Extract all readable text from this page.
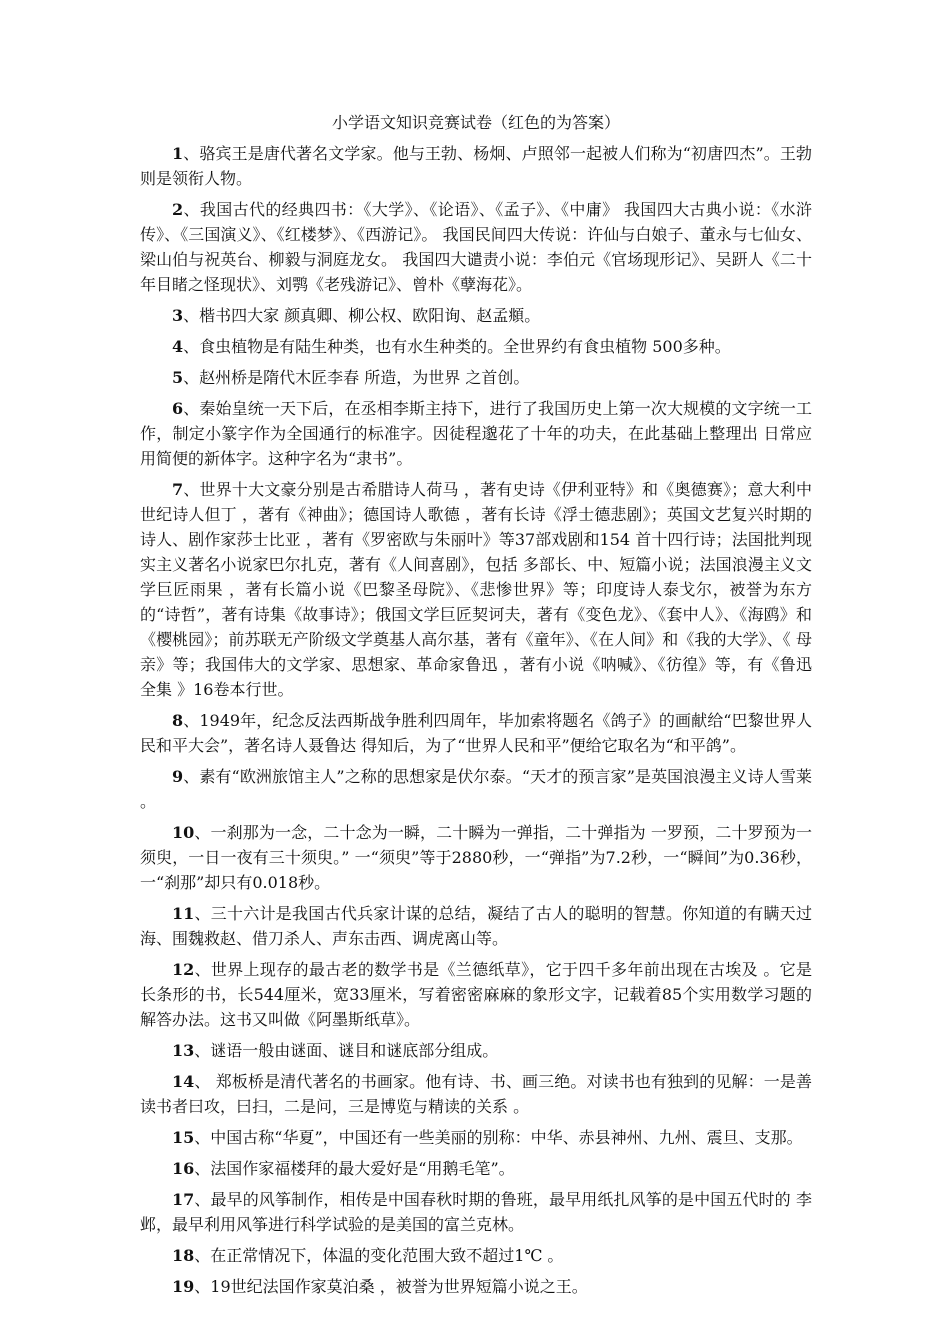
小学语文知识竞赛试卷（红色的为答案）

1、骆宾王是唐代著名文学家。他与王勃、杨炯、卢照邻一起被人们称为“初唐四杰”。王勃则是领衔人物。

2、我国古代的经典四书：《大学》、《论语》、《孟子》、《中庸》 我国四大古典小说：《水浒传》、《三国演义》、《红楼梦》、《西游记》。 我国民间四大传说：许仙与白娘子、董永与七仙女、梁山伯与祝英台、柳毅与洞庭龙女。 我国四大谴责小说：李伯元《官场现形记》、吴趼人《二十年目睹之怪现状》、刘鹗《老残游记》、曾朴《孽海花》。

3、楷书四大家 颜真卿、柳公权、欧阳询、赵孟頫。

4、食虫植物是有陆生种类，也有水生种类的。全世界约有食虫植物 500多种。

5、赵州桥是隋代木匠李春 所造，为世界 之首创。

6、秦始皇统一天下后，在丞相李斯主持下，进行了我国历史上第一次大规模的文字统一工作，制定小篆字作为全国通行的标准字。因徒程邈花了十年的功夫，在此基础上整理出 日常应用简便的新体字。这种字名为“隶书”。

7、世界十大文豪分别是古希腊诗人荷马 ，著有史诗《伊利亚特》和《奥德赛》；意大利中世纪诗人但丁 ，著有《神曲》；德国诗人歌德 ，著有长诗《浮士德悲剧》；英国文艺复兴时期的诗人、剧作家莎士比亚 ，著有《罗密欧与朱丽叶》等37部戏剧和154 首十四行诗；法国批判现实主义著名小说家巴尔扎克，著有《人间喜剧》，包括 多部长、中、短篇小说；法国浪漫主义文学巨匠雨果 ，著有长篇小说《巴黎圣母院》、《悲惨世界》等；印度诗人泰戈尔，被誉为东方的“诗哲”，著有诗集《故事诗》；俄国文学巨匠契诃夫，著有《变色龙》、《套中人》、《海鸥》和《樱桃园》；前苏联无产阶级文学奠基人高尔基，著有《童年》、《在人间》和《我的大学》、《 母亲》等；我国伟大的文学家、思想家、革命家鲁迅 ，著有小说《呐喊》、《彷徨》等，有《鲁迅全集 》16卷本行世。

8、1949年，纪念反法西斯战争胜利四周年，毕加索将题名《鸽子》的画献给“巴黎世界人民和平大会”，著名诗人聂鲁达 得知后，为了“世界人民和平”便给它取名为“和平鸽”。

9、素有“欧洲旅馆主人”之称的思想家是伏尔泰。“天才的预言家”是英国浪漫主义诗人雪莱 。

10、一刹那为一念，二十念为一瞬，二十瞬为一弹指，二十弹指为 一罗预，二十罗预为一须臾，一日一夜有三十须臾。” 一“须臾”等于2880秒，一“弹指”为7.2秒，一“瞬间”为0.36秒，一“刹那”却只有0.018秒。

11、三十六计是我国古代兵家计谋的总结，凝结了古人的聪明的智慧。你知道的有瞒天过海、围魏救赵、借刀杀人、声东击西、调虎离山等。

12、世界上现存的最古老的数学书是《兰德纸草》，它于四千多年前出现在古埃及 。它是长条形的书，长544厘米，宽33厘米，写着密密麻麻的象形文字，记载着85个实用数学习题的解答办法。这书又叫做《阿墨斯纸草》。

13、谜语一般由谜面、谜目和谜底部分组成。

14、 郑板桥是清代著名的书画家。他有诗、书、画三绝。对读书也有独到的见解：一是善读书者曰攻，曰扫，二是问，三是博览与精读的关系 。

15、中国古称“华夏”，中国还有一些美丽的别称：中华、赤县神州、九州、震旦、支那。

16、法国作家福楼拜的最大爱好是“用鹅毛笔”。

17、最早的风筝制作，相传是中国春秋时期的鲁班，最早用纸扎风筝的是中国五代时的 李邺，最早利用风筝进行科学试验的是美国的富兰克林。

18、在正常情况下，体温的变化范围大致不超过1℃ 。

19、19世纪法国作家莫泊桑 ，被誉为世界短篇小说之王。
